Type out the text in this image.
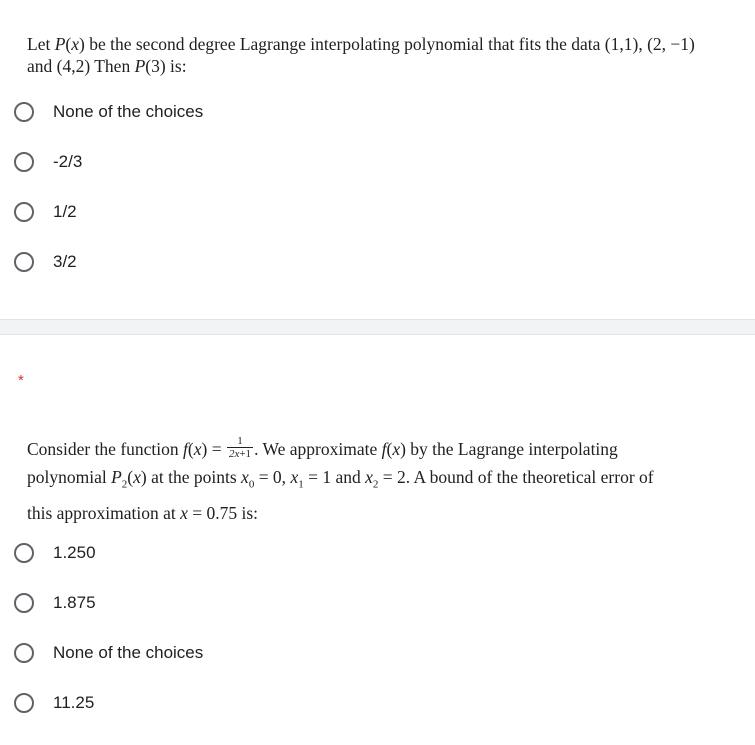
Let P(x) be the second degree Lagrange interpolating polynomial that fits the data (1,1), (2, −1)
and (4,2) Then P(3) is:
None of the choices
-2/3
1/2
3/2
*
Consider the function $f(x) = \frac{1}{2x+1}$ . We approximate f(x) by the Lagrange interpolating
polynomial $P_2(x)$ at the points $x_0 = 0$, $x_1 = 1$ and $x_2 = 2$. A bound of the theoretical error of
this approximation at x = 0.75 is:
1.250
1.875
None of the choices
11.25
